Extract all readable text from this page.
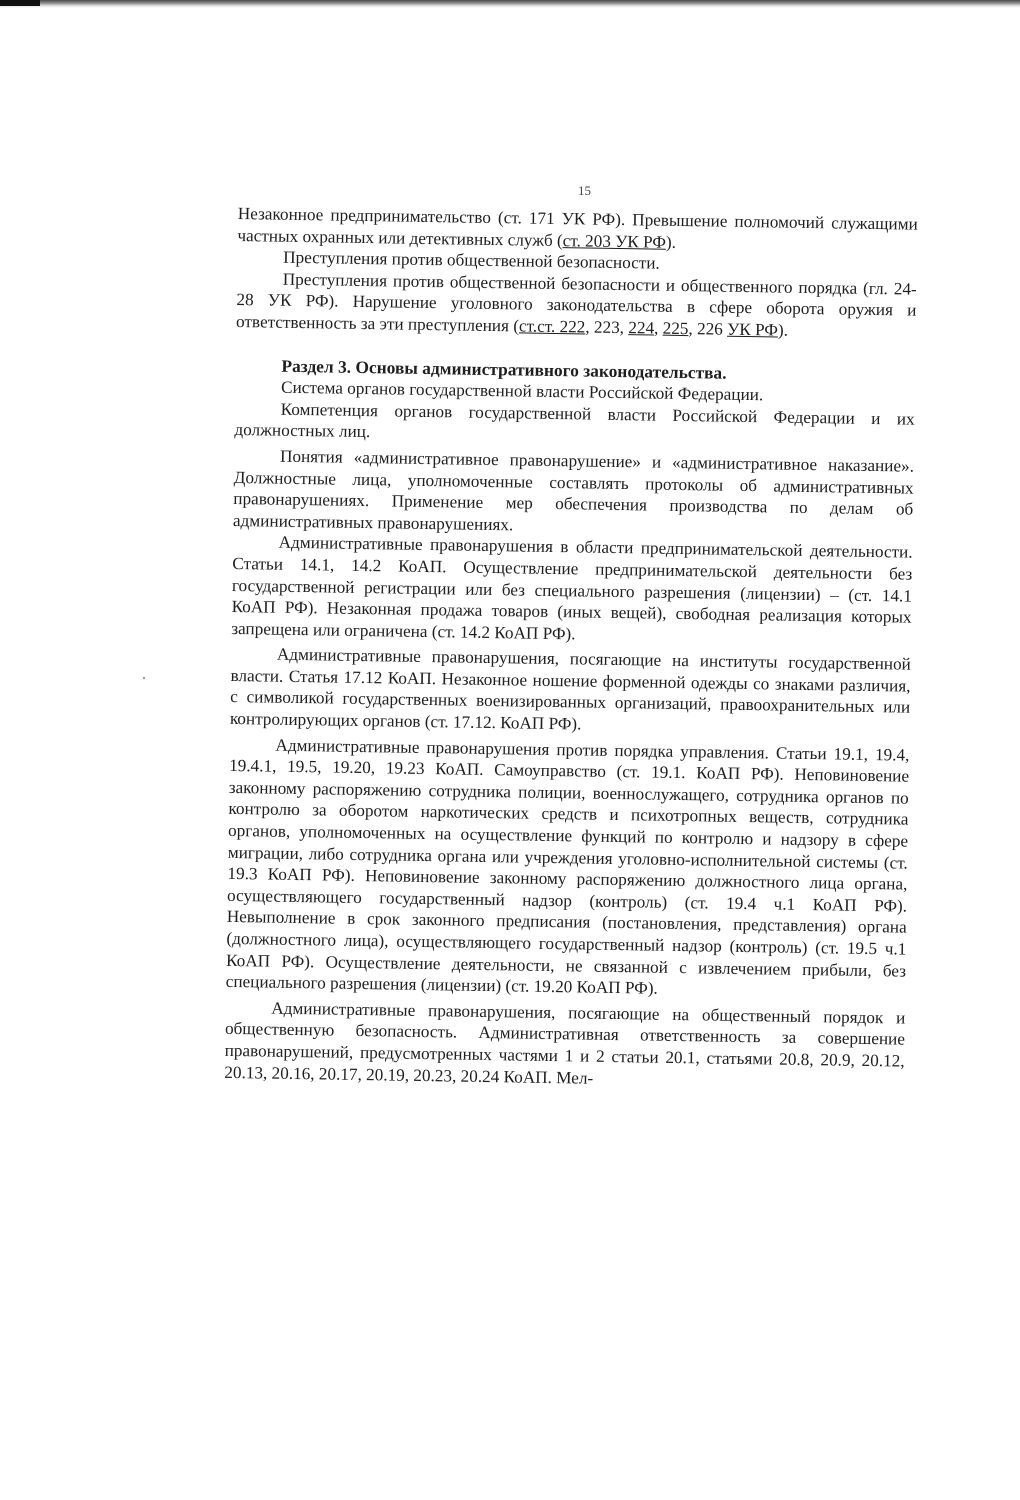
15

Незаконное предпринимательство (ст. 171 УК РФ). Превышение полномочий служащими частных охранных или детективных служб (ст. 203 УК РФ).

Преступления против общественной безопасности.

Преступления против общественной безопасности и общественного порядка (гл. 24-28 УК РФ). Нарушение уголовного законодательства в сфере оборота оружия и ответственность за эти преступления (ст.ст. 222, 223, 224, 225, 226 УК РФ).

Раздел 3. Основы административного законодательства.

Система органов государственной власти Российской Федерации.

Компетенция органов государственной власти Российской Федерации и их должностных лиц.

Понятия «административное правонарушение» и «административное наказание». Должностные лица, уполномоченные составлять протоколы об административных правонарушениях. Применение мер обеспечения производства по делам об административных правонарушениях.

Административные правонарушения в области предпринимательской деятельности. Статьи 14.1, 14.2 КоАП. Осуществление предпринимательской деятельности без государственной регистрации или без специального разрешения (лицензии) – (ст. 14.1 КоАП РФ). Незаконная продажа товаров (иных вещей), свободная реализация которых запрещена или ограничена (ст. 14.2 КоАП РФ).

Административные правонарушения, посягающие на институты государственной власти. Статья 17.12 КоАП. Незаконное ношение форменной одежды со знаками различия, с символикой государственных военизированных организаций, правоохранительных или контролирующих органов (ст. 17.12. КоАП РФ).

Административные правонарушения против порядка управления. Статьи 19.1, 19.4, 19.4.1, 19.5, 19.20, 19.23 КоАП. Самоуправство (ст. 19.1. КоАП РФ). Неповиновение законному распоряжению сотрудника полиции, военнослужащего, сотрудника органов по контролю за оборотом наркотических средств и психотропных веществ, сотрудника органов, уполномоченных на осуществление функций по контролю и надзору в сфере миграции, либо сотрудника органа или учреждения уголовно-исполнительной системы (ст. 19.3 КоАП РФ). Неповиновение законному распоряжению должностного лица органа, осуществляющего государственный надзор (контроль) (ст. 19.4 ч.1 КоАП РФ). Невыполнение в срок законного предписания (постановления, представления) органа (должностного лица), осуществляющего государственный надзор (контроль) (ст. 19.5 ч.1 КоАП РФ). Осуществление деятельности, не связанной с извлечением прибыли, без специального разрешения (лицензии) (ст. 19.20 КоАП РФ).

Административные правонарушения, посягающие на общественный порядок и общественную безопасность. Административная ответственность за совершение правонарушений, предусмотренных частями 1 и 2 статьи 20.1, статьями 20.8, 20.9, 20.12, 20.13, 20.16, 20.17, 20.19, 20.23, 20.24 КоАП. Мел-
